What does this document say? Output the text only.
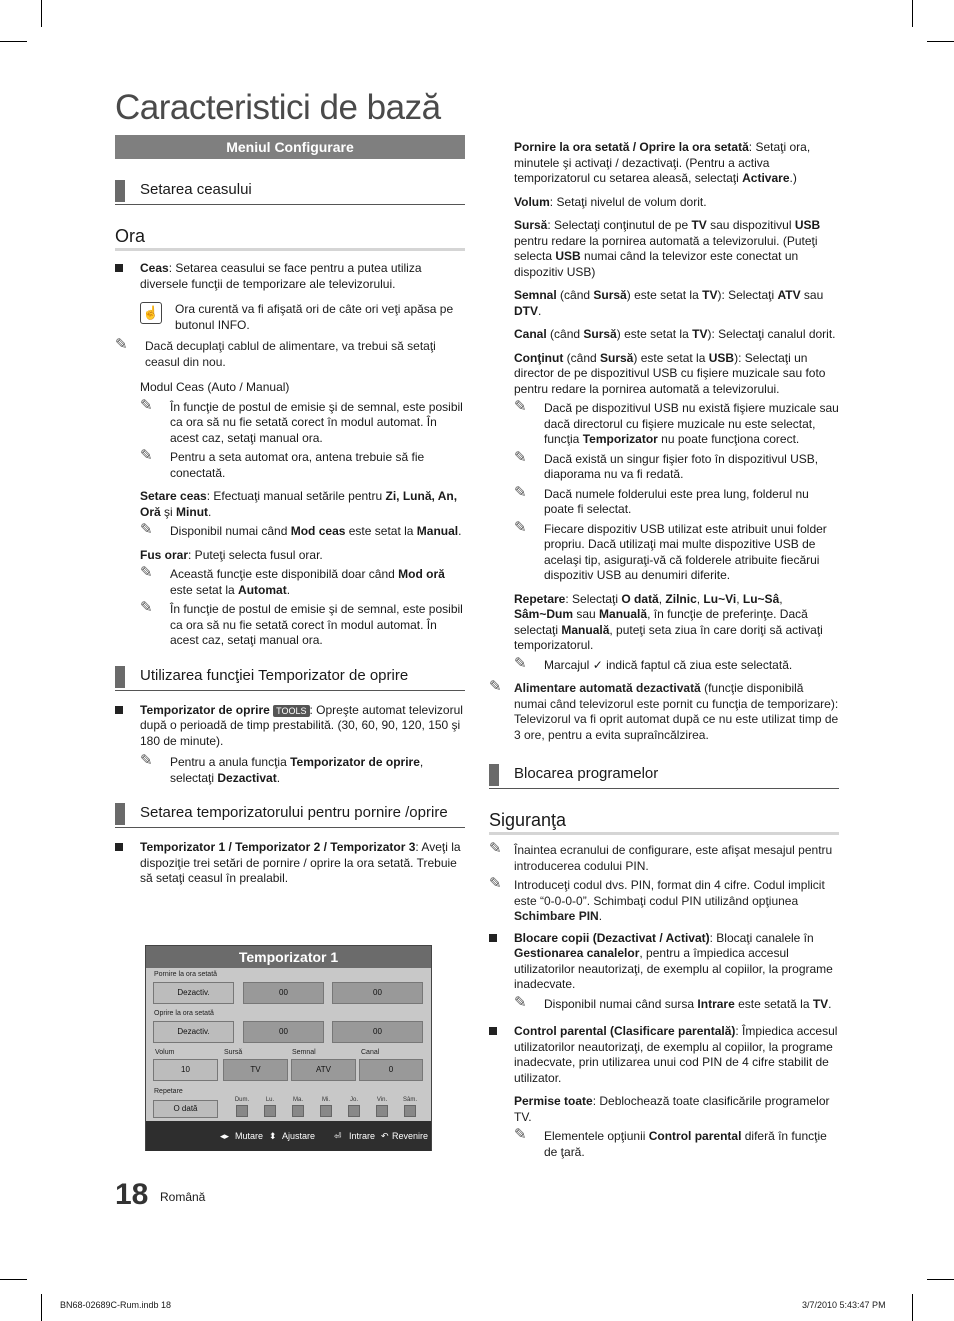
Caracteristici de bază
Meniul Configurare
Setarea ceasului
Ora
Ceas: Setarea ceasului se face pentru a putea utiliza diversele funcţii de temporizare ale televizorului.
☝ Ora curentă va fi afişată ori de câte ori veţi apăsa pe butonul INFO.
✎ Dacă decuplaţi cablul de alimentare, va trebui să setaţi ceasul din nou.
Modul Ceas (Auto / Manual)
✎ În funcţie de postul de emisie şi de semnal, este posibil ca ora să nu fie setată corect în modul automat. În acest caz, setaţi manual ora.
✎ Pentru a seta automat ora, antena trebuie să fie conectată.
Setare ceas: Efectuaţi manual setările pentru Zi, Lună, An, Oră şi Minut.
✎ Disponibil numai când Mod ceas este setat la Manual.
Fus orar: Puteţi selecta fusul orar.
✎ Această funcţie este disponibilă doar când Mod oră este setat la Automat.
✎ În funcţie de postul de emisie şi de semnal, este posibil ca ora să nu fie setată corect în modul automat. În acest caz, setaţi manual ora.
Utilizarea funcţiei Temporizator de oprire
Temporizator de oprire TOOLS : Opreşte automat televizorul după o perioadă de timp prestabilită. (30, 60, 90, 120, 150 şi 180 de minute).
✎ Pentru a anula funcţia Temporizator de oprire, selectaţi Dezactivat.
Setarea temporizatorului pentru pornire /oprire
Temporizator 1 / Temporizator 2 / Temporizator 3: Aveţi la dispoziţie trei setări de pornire / oprire la ora setată. Trebuie să setaţi ceasul în prealabil.
Temporizator 1
Pornire la ora setată
Dezactiv.	00	00
Oprire la ora setată
Dezactiv.	00	00
Volum	Sursă	Semnal	Canal
10	TV	ATV	0
Repetare
O dată
Dum.	Lu.	Ma.	Mi.	Jo.	Vin.	Sâm.
◂▸ Mutare ⬍ Ajustare ⏎ Intrare ↶ Revenire
Pornire la ora setată / Oprire la ora setată: Setaţi ora, minutele şi activaţi / dezactivaţi. (Pentru a activa temporizatorul cu setarea aleasă, selectaţi Activare.)
Volum: Setaţi nivelul de volum dorit.
Sursă: Selectaţi conţinutul de pe TV sau dispozitivul USB pentru redare la pornirea automată a televizorului. (Puteţi selecta USB numai când la televizor este conectat un dispozitiv USB)
Semnal (când Sursă) este setat la TV): Selectaţi ATV sau DTV.
Canal (când Sursă) este setat la TV): Selectaţi canalul dorit.
Conţinut (când Sursă) este setat la USB): Selectaţi un director de pe dispozitivul USB cu fişiere muzicale sau foto pentru redare la pornirea automată a televizorului.
✎ Dacă pe dispozitivul USB nu există fişiere muzicale sau dacă directorul cu fişiere muzicale nu este selectat, funcţia Temporizator nu poate funcţiona corect.
✎ Dacă există un singur fişier foto în dispozitivul USB, diaporama nu va fi redată.
✎ Dacă numele folderului este prea lung, folderul nu poate fi selectat.
✎ Fiecare dispozitiv USB utilizat este atribuit unui folder propriu. Dacă utilizaţi mai multe dispozitive USB de acelaşi tip, asiguraţi-vă că folderele atribuite fiecărui dispozitiv USB au denumiri diferite.
Repetare: Selectaţi O dată, Zilnic, Lu~Vi, Lu~Sâ, Sâm~Dum sau Manuală, în funcţie de preferinţe. Dacă selectaţi Manuală, puteţi seta ziua în care doriţi să activaţi temporizatorul.
✎ Marcajul ✓ indică faptul că ziua este selectată.
✎ Alimentare automată dezactivată (funcţie disponibilă numai când televizorul este pornit cu funcţia de temporizare): Televizorul va fi oprit automat după ce nu este utilizat timp de 3 ore, pentru a evita supraîncălzirea.
Blocarea programelor
Siguranţa
✎ Înaintea ecranului de configurare, este afişat mesajul pentru introducerea codului PIN.
✎ Introduceţi codul dvs. PIN, format din 4 cifre. Codul implicit este “0-0-0-0”. Schimbaţi codul PIN utilizând opţiunea Schimbare PIN.
Blocare copii (Dezactivat / Activat): Blocaţi canalele în Gestionarea canalelor, pentru a împiedica accesul utilizatorilor neautorizaţi, de exemplu al copiilor, la programe inadecvate.
✎ Disponibil numai când sursa Intrare este setată la TV.
Control parental (Clasificare parentală): Împiedica accesul utilizatorilor neautorizaţi, de exemplu al copiilor, la programe inadecvate, prin utilizarea unui cod PIN de 4 cifre stabilit de utilizator.
Permise toate: Deblochează toate clasificările programelor TV.
✎ Elementele opţiunii Control parental diferă în funcţie de ţară.
18 Română
BN68-02689C-Rum.indb 18	3/7/2010 5:43:47 PM
